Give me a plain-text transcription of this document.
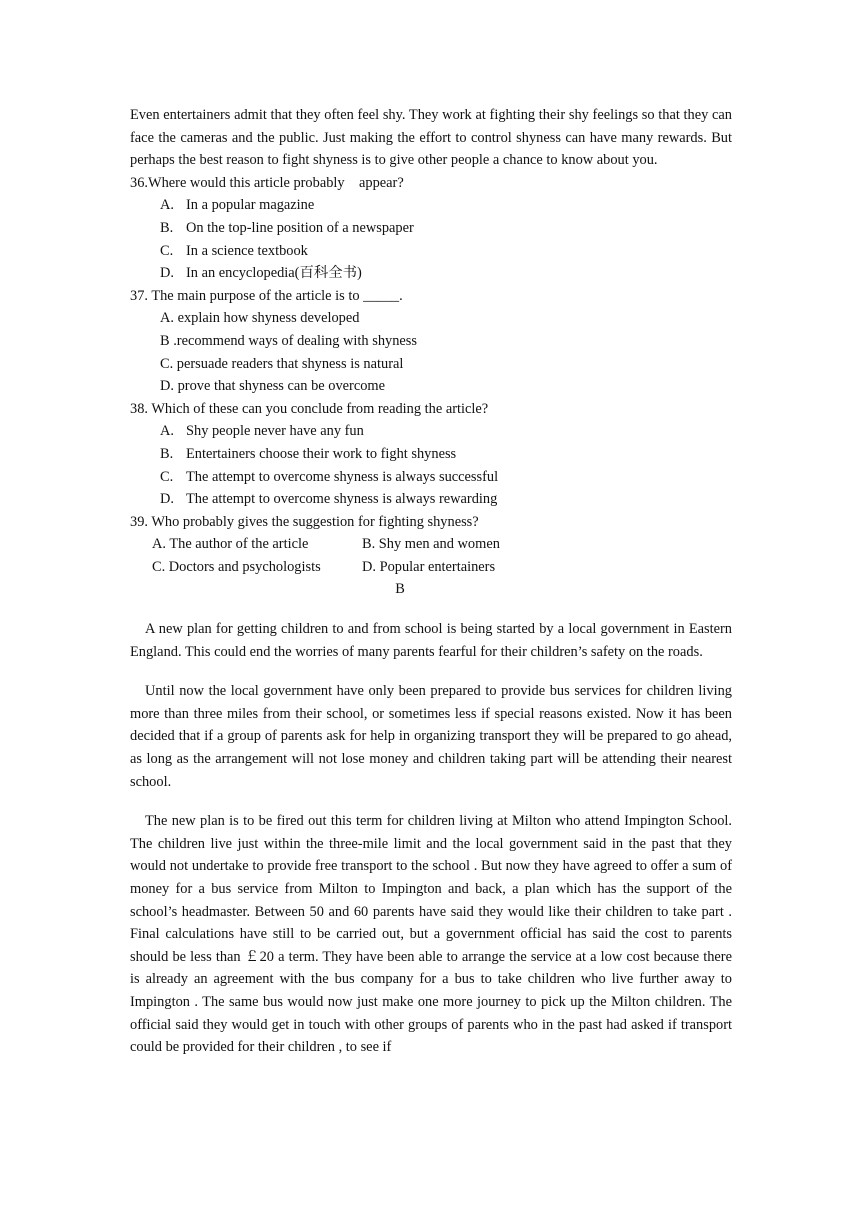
Even entertainers admit that they often feel shy. They work at fighting their shy feelings so that they can face the cameras and the public. Just making the effort to control shyness can have many rewards. But perhaps the best reason to fight shyness is to give other people a chance to know about you.

36.Where would this article probably    appear?

A. In a popular magazine

B. On the top-line position of a newspaper

C. In a science textbook

D. In an encyclopedia(百科全书)

37. The main purpose of the article is to _____.

A. explain how shyness developed

B .recommend ways of dealing with shyness

C. persuade readers that shyness is natural

D. prove that shyness can be overcome

38. Which of these can you conclude from reading the article?

A. Shy people never have any fun

B. Entertainers choose their work to fight shyness

C. The attempt to overcome shyness is always successful

D. The attempt to overcome shyness is always rewarding

39. Who probably gives the suggestion for fighting shyness?

A. The author of the article	B. Shy men and women

C. Doctors and psychologists	D. Popular entertainers

B

A new plan for getting children to and from school is being started by a local government in Eastern England. This could end the worries of many parents fearful for their children’s safety on the roads.

Until now the local government have only been prepared to provide bus services for children living more than three miles from their school, or sometimes less if special reasons existed. Now it has been decided that if a group of parents ask for help in organizing transport they will be prepared to go ahead, as long as the arrangement will not lose money and children taking part will be attending their nearest school.

The new plan is to be fired out this term for children living at Milton who attend Impington School. The children live just within the three-mile limit and the local government said in the past that they would not undertake to provide free transport to the school . But now they have agreed to offer a sum of money for a bus service from Milton to Impington and back, a plan which has the support of the school’s headmaster. Between 50 and 60 parents have said they would like their children to take part . Final calculations have still to be carried out, but a government official has said the cost to parents should be less than ￡20 a term. They have been able to arrange the service at a low cost because there is already an agreement with the bus company for a bus to take children who live further away to Impington . The same bus would now just make one more journey to pick up the Milton children. The official said they would get in touch with other groups of parents who in the past had asked if transport could be provided for their children , to see if
